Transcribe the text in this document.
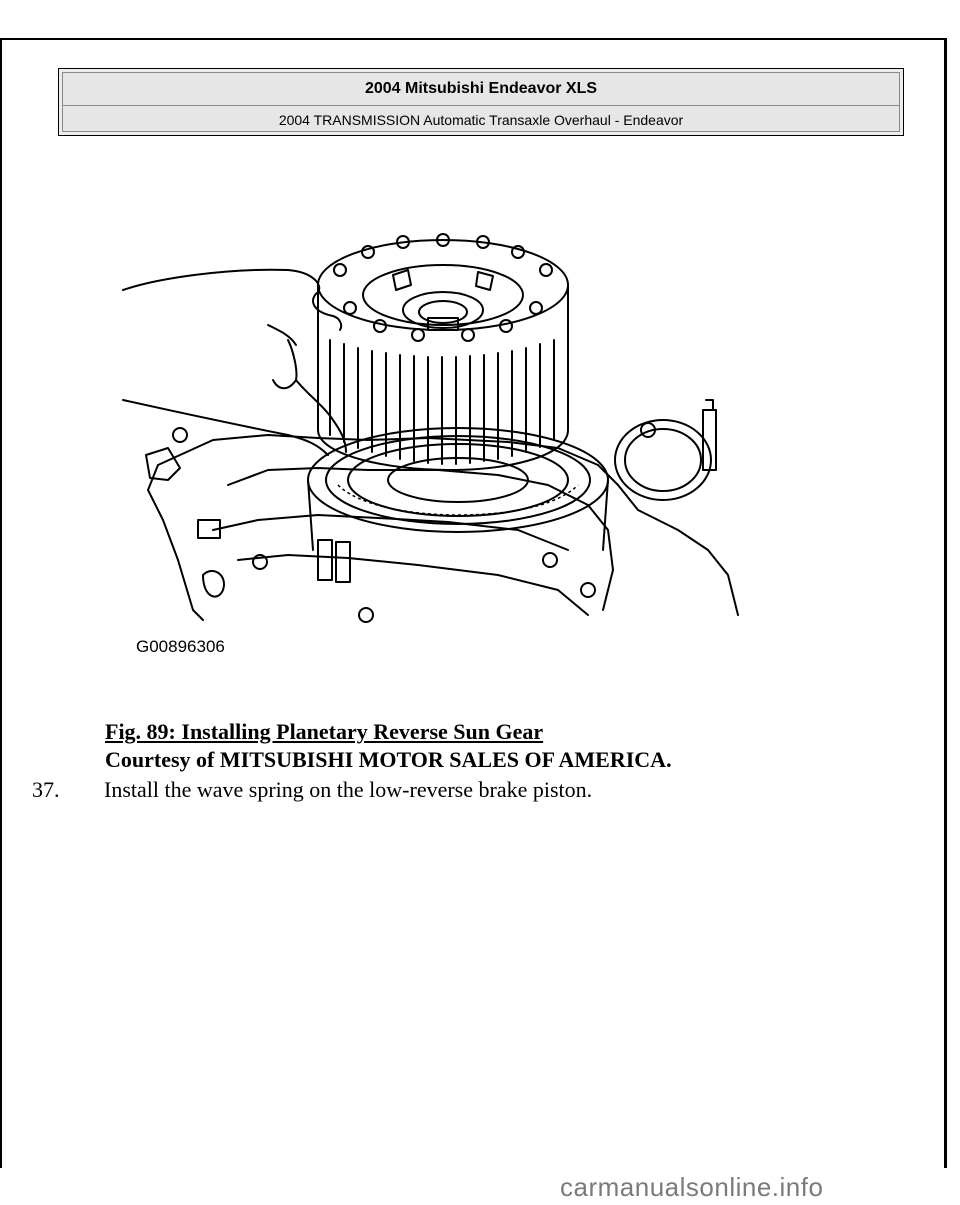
2004 Mitsubishi Endeavor XLS
2004 TRANSMISSION Automatic Transaxle Overhaul - Endeavor
G00896306
Fig. 89: Installing Planetary Reverse Sun Gear
Courtesy of MITSUBISHI MOTOR SALES OF AMERICA.
37.	Install the wave spring on the low-reverse brake piston.
carmanualsonline.info
